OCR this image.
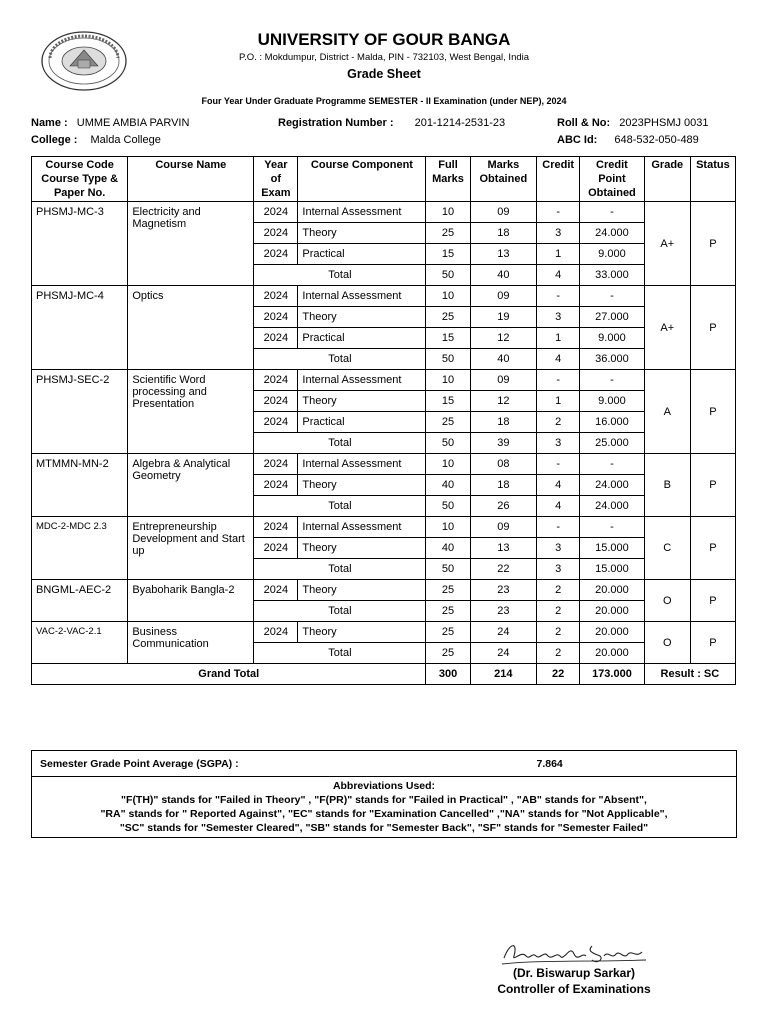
UNIVERSITY OF GOUR BANGA
P.O. : Mokdumpur, District - Malda, PIN - 732103, West Bengal, India
Grade Sheet
Four Year Under Graduate Programme SEMESTER - II Examination (under NEP), 2024
Name : UMME AMBIA PARVIN	Registration Number : 201-1214-2531-23	Roll & No: 2023PHSMJ 0031
College : Malda College	ABC Id: 648-532-050-489
Course Code Course Type & Paper No.	Course Name	Year of Exam	Course Component	Full Marks	Marks Obtained	Credit	Credit Point Obtained	Grade	Status
PHSMJ-MC-3	Electricity and Magnetism	2024	Internal Assessment	10	09	-	-	A+	P
		2024	Theory	25	18	3	24.000		
		2024	Practical	15	13	1	9.000		
		Total		50	40	4	33.000		
PHSMJ-MC-4	Optics	2024	Internal Assessment	10	09	-	-	A+	P
		2024	Theory	25	19	3	27.000		
		2024	Practical	15	12	1	9.000		
		Total		50	40	4	36.000		
PHSMJ-SEC-2	Scientific Word processing and Presentation	2024	Internal Assessment	10	09	-	-	A	P
		2024	Theory	15	12	1	9.000		
		2024	Practical	25	18	2	16.000		
		Total		50	39	3	25.000		
MTMMN-MN-2	Algebra & Analytical Geometry	2024	Internal Assessment	10	08	-	-	B	P
		2024	Theory	40	18	4	24.000		
		Total		50	26	4	24.000		
MDC-2-MDC 2.3	Entrepreneurship Development and Start up	2024	Internal Assessment	10	09	-	-	C	P
		2024	Theory	40	13	3	15.000		
		Total		50	22	3	15.000		
BNGML-AEC-2	Byaboharik Bangla-2	2024	Theory	25	23	2	20.000	O	P
		Total		25	23	2	20.000		
VAC-2-VAC-2.1	Business Communication	2024	Theory	25	24	2	20.000	O	P
		Total		25	24	2	20.000		
Grand Total				300	214	22	173.000	Result : SC	
Semester Grade Point Average (SGPA) :	7.864

Abbreviations Used:
"F(TH)" stands for "Failed in Theory" , "F(PR)" stands for "Failed in Practical" , "AB" stands for "Absent",
"RA" stands for " Reported Against", "EC" stands for "Examination Cancelled" ,"NA" stands for "Not Applicable",
"SC" stands for "Semester Cleared", "SB" stands for "Semester Back", "SF" stands for "Semester Failed"
(Dr. Biswarup Sarkar)
Controller of Examinations
